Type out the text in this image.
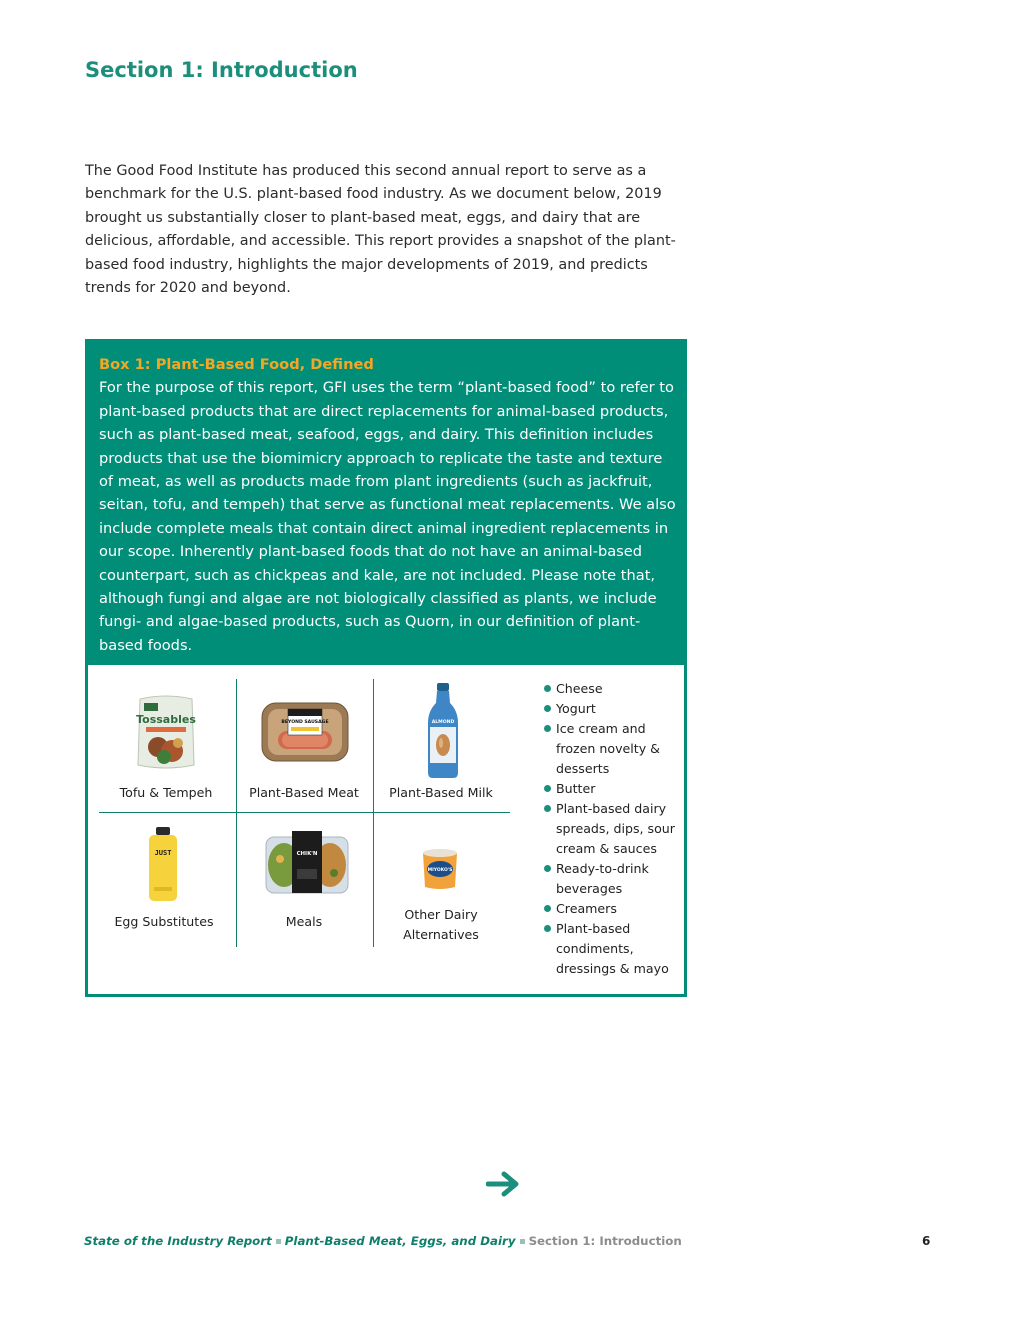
Section 1: Introduction

The Good Food Institute has produced this second annual report to serve as a benchmark for the U.S. plant-based food industry. As we document below, 2019 brought us substantially closer to plant-based meat, eggs, and dairy that are delicious, affordable, and accessible. This report provides a snapshot of the plant-based food industry, highlights the major developments of 2019, and predicts trends for 2020 and beyond.

Box 1: Plant-Based Food, Defined

For the purpose of this report, GFI uses the term “plant-based food” to refer to plant-based products that are direct replacements for animal-based products, such as plant-based meat, seafood, eggs, and dairy. This definition includes products that use the biomimicry approach to replicate the taste and texture of meat, as well as products made from plant ingredients (such as jackfruit, seitan, tofu, and tempeh) that serve as functional meat replacements. We also include complete meals that contain direct animal ingredient replacements in our scope. Inherently plant-based foods that do not have an animal-based counterpart, such as chickpeas and kale, are not included. Please note that, although fungi and algae are not biologically classified as plants, we include fungi- and algae-based products, such as Quorn, in our definition of plant-based foods.

Tossables
Tofu & Tempeh
BEYOND SAUSAGE
Plant-Based Meat
ALMOND
Plant-Based Milk
JUST
Egg Substitutes
CHIK'N
Meals
MIYOKO'S
Other Dairy Alternatives
Cheese
Yogurt
Ice cream and frozen novelty & desserts
Butter
Plant-based dairy spreads, dips, sour cream & sauces
Ready-to-drink beverages
Creamers
Plant-based condiments, dressings & mayo
State of the Industry Report Plant-Based Meat, Eggs, and Dairy Section 1: Introduction	6
